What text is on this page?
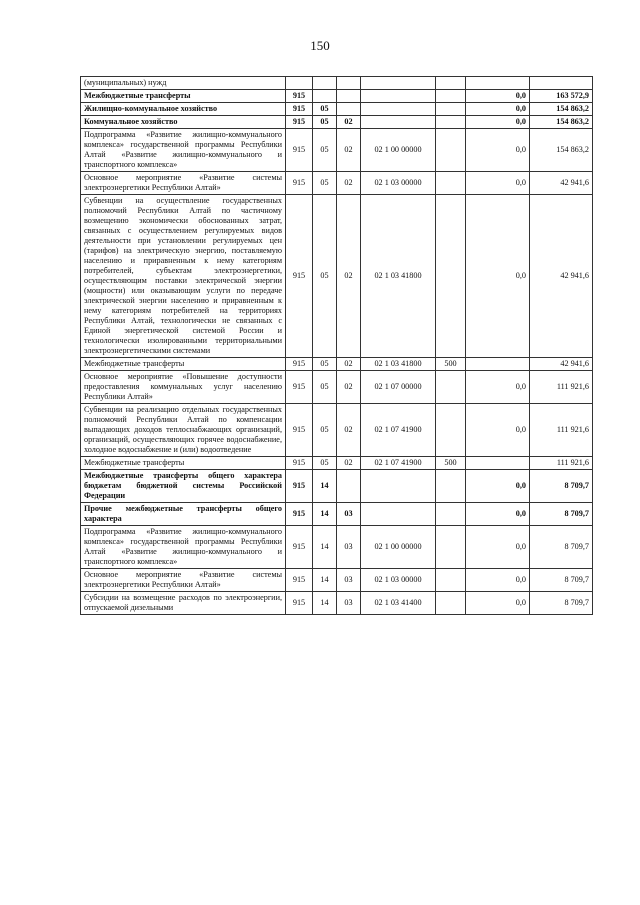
150
(муниципальных) нужд							
Межбюджетные трансферты	915					0,0	163 572,9
Жилищно-коммунальное хозяйство	915	05				0,0	154 863,2
Коммунальное хозяйство	915	05	02			0,0	154 863,2
Подпрограмма «Развитие жилищно-коммунального комплекса» государственной программы Республики Алтай «Развитие жилищно-коммунального и транспортного комплекса»	915	05	02	02 1 00 00000		0,0	154 863,2
Основное мероприятие «Развитие системы электроэнергетики Республики Алтай»	915	05	02	02 1 03 00000		0,0	42 941,6
Субвенции на осуществление государственных полномочий Республики Алтай по частичному возмещению экономически обоснованных затрат, связанных с осуществлением регулируемых видов деятельности при установлении регулируемых цен (тарифов) на электрическую энергию, поставляемую населению и приравненным к нему категориям потребителей, субъектам электроэнергетики, осуществляющим поставки электрической энергии (мощности) или оказывающим услуги по передаче электрической энергии населению и приравненным к нему категориям потребителей на территориях Республики Алтай, технологически не связанных с Единой энергетической системой России и технологически изолированными территориальными электроэнергетическими системами	915	05	02	02 1 03 41800		0,0	42 941,6
Межбюджетные трансферты	915	05	02	02 1 03 41800	500		42 941,6
Основное мероприятие «Повышение доступности предоставления коммунальных услуг населению Республики Алтай»	915	05	02	02 1 07 00000		0,0	111 921,6
Субвенции на реализацию отдельных государственных полномочий Республики Алтай по компенсации выпадающих доходов теплоснабжающих организаций, организаций, осуществляющих горячее водоснабжение, холодное водоснабжение и (или) водоотведение	915	05	02	02 1 07 41900		0,0	111 921,6
Межбюджетные трансферты	915	05	02	02 1 07 41900	500		111 921,6
Межбюджетные трансферты общего характера бюджетам бюджетной системы Российской Федерации	915	14				0,0	8 709,7
Прочие межбюджетные трансферты общего характера	915	14	03			0,0	8 709,7
Подпрограмма «Развитие жилищно-коммунального комплекса» государственной программы Республики Алтай «Развитие жилищно-коммунального и транспортного комплекса»	915	14	03	02 1 00 00000		0,0	8 709,7
Основное мероприятие «Развитие системы электроэнергетики Республики Алтай»	915	14	03	02 1 03 00000		0,0	8 709,7
Субсидии на возмещение расходов по электроэнергии, отпускаемой дизельными	915	14	03	02 1 03 41400		0,0	8 709,7
